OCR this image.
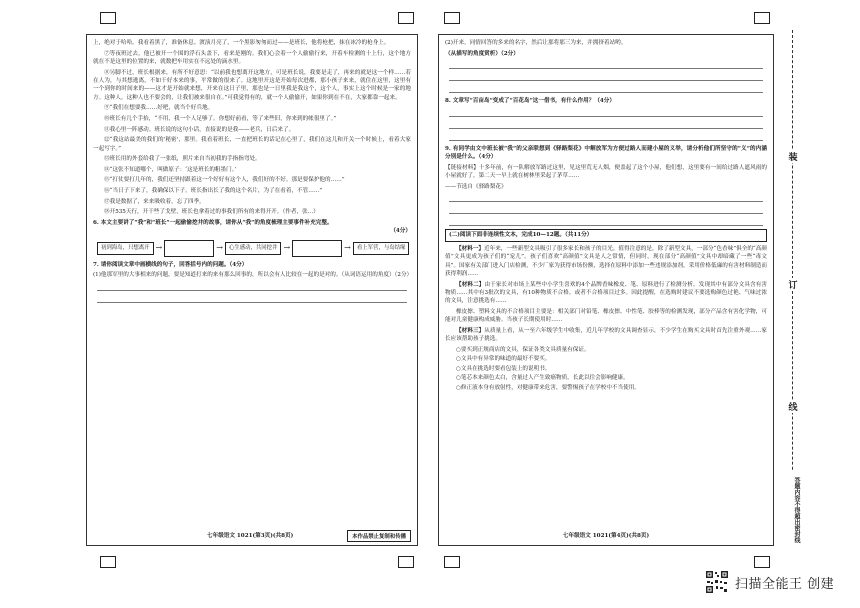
上，绝对于哈哈。我看着黑了，准备休息。渡演月亮了，一个黑影匆匆而过——是班长，他将枪把，抹在冰冷的枪身上。

⑦等夜班过去，他已被开一个围的浮石头盖下，看来是刚的。我们心会着一个人偷偷行来，开着车检测的十上行，这个地方就在不是这里的位置的来，就数把车用实在不远处的滴水里。

⑧另脚不过，班长根据来，有所不好意思：“以前我也想离开这地方，可是班长说，我要是走了，再来的就是这一个样……若在人为，与其想逃离，不如干好本来的事，平常做的很来了。这地里开这是开始每次进都，那小孩子来来，就住在这里，这里有一个到你的时间来的——这才是开始就来想，开来在这日子里，那也是一日里我是我这个，这个人，事实上这个时候是一家的地方。这种人，这种人也不要会的，让我们被来很自在。”可我觉得有的，就一个人偷偷开，如果你到在不在，大家都靠一起来。

⑨“我们在想要我……好吧，就当个好兵地。

⑩班长有几个手抬，“不用，我一个人足够了。你想好前看，等了来些旧，你来到的帐很里了。”

⑪我心里一阵感动。班长说的这句小话，直接说的是我——老兵，日后来了。

⑫“我这站最美的我们的'秘密'，那里。我看着班长，一直把班长的话记在心里了，我们在这儿和开关一个时候上，看着大家一起写字。”

⑬班长用的外套给我了一张纸，照片来自当初我的手指指弯处。

⑭“这张不知道哪个，叫做原子：‘这是班长的粗墨门。’

⑮“打仗要打几年的，我们还坚持跟着这一个好好有这个人，我们好的不好。那是要保护他的……”

⑯“当日子下来了，我确保以下子。班长指出长了我的这个名片，为了在看着，不管……”

⑰我是数据了，来来吸收着，忘了四季。

⑱开535天行，开干些了戈壁，班长也拿着过的事我们所有的来得开开。（作者，张…）

6. 本文主要讲了“我”和“班长”一起偷偷挖井的故事，请你从“我”的角度梳理主要事件补充完整。
（4分）

初到海岛，只想离开 →	→	心生感动，共同挖井 →	→	看上军营，与岛结缘

7. 请你阅读文章中画横线的句子，回答括号内的问题。（4分）

(1)他那军里的大事相来的问题，要是知道打来的来有那么回事的，所以会有人比较在一起的是对的。（从词语运用的角度）（2分）

七年级语文 1021(第3页)(共8页)	本作品禁止复制和传播

(2)开来，同情回答的多来的名字，然后让那将那三为来，并拥挤着站哟。

（从描写的角度赏析）（2分）

8. 文章写“百亩岛”变成了“百花岛”这一借书，有什么作用？（4分）

9. 有同学由文中班长被“我”的父亲联想到《驿路梨花》中解放军为方便过路人而建小屋的义举，请分析他们所坚守的“义”的内涵分别是什么。（4分）

【链接材料】十多年前，有一队解放军路过这里，见这里荒无人烟，便盖起了这个小屋，他们想，这里要有一间给过路人遮风雨的小屋就好了，第二天一早上就在树林里采起了茅草……

——节选自《驿路梨花》

(二)阅读下面非连续性文本，完成10—12题。（共11分）

【材料一】近年来，一些新型文具吸引了很多家长和孩子的目光。值得注意的是，除了新型文具，一部分“色香味”俱全的“高颜值”文具更成为孩子们的“宠儿”。孩子们喜欢“高颜值”文具是人之常情，但同时，现在部分“高颜值”文具中却暗藏了一些“毒文具”。国家有关部门进入门店检测，不少厂家为获得市场份额，选择在原料中添加一些违规添加剂，采用价格低廉的有害材料制造而获得利润……

【材料二】由于家长对市场上某些中小学生喜欢的4个品牌香味橡皮、笔、原料进行了检测分析，发现其中有部分文具含有害物质……其中有3批次的文具，有10种物质不合格，或者不合格项目过多。因此提醒，在选购时建议不要选购颜色过艳、气味过浓的文具，注意挑选有……

橡皮擦、塑料文具的不合格项目主要是：相关部门对铅笔、橡皮擦、中性笔、胶棒等的检测发现，部分产品含有害化学物，可能对儿童健康构成威胁。当孩子长期使用时……

【材料三】从质量上看，从一至六年级学生中收集，近几年学校的文具调查显示，不少学生在购买文具时首先注重外观……家长应该帮助孩子挑选。

○要买到正规商店的文具，保证各类文具质量有保证。

○文具中有异常的味道的最好不要买。

○文具在挑选时要看包装上的说明书。

○笔芯本来颜色太白，含量过人产生致癌物质，长此以往会影响健康。

○修正液本身有放射性，对健康带来危害，要警惕孩子在学校中不当使用。

七年级语文 1021(第4页)(共8页)
装
订
线
答题内容不得超出密封线
扫描全能王 创建
